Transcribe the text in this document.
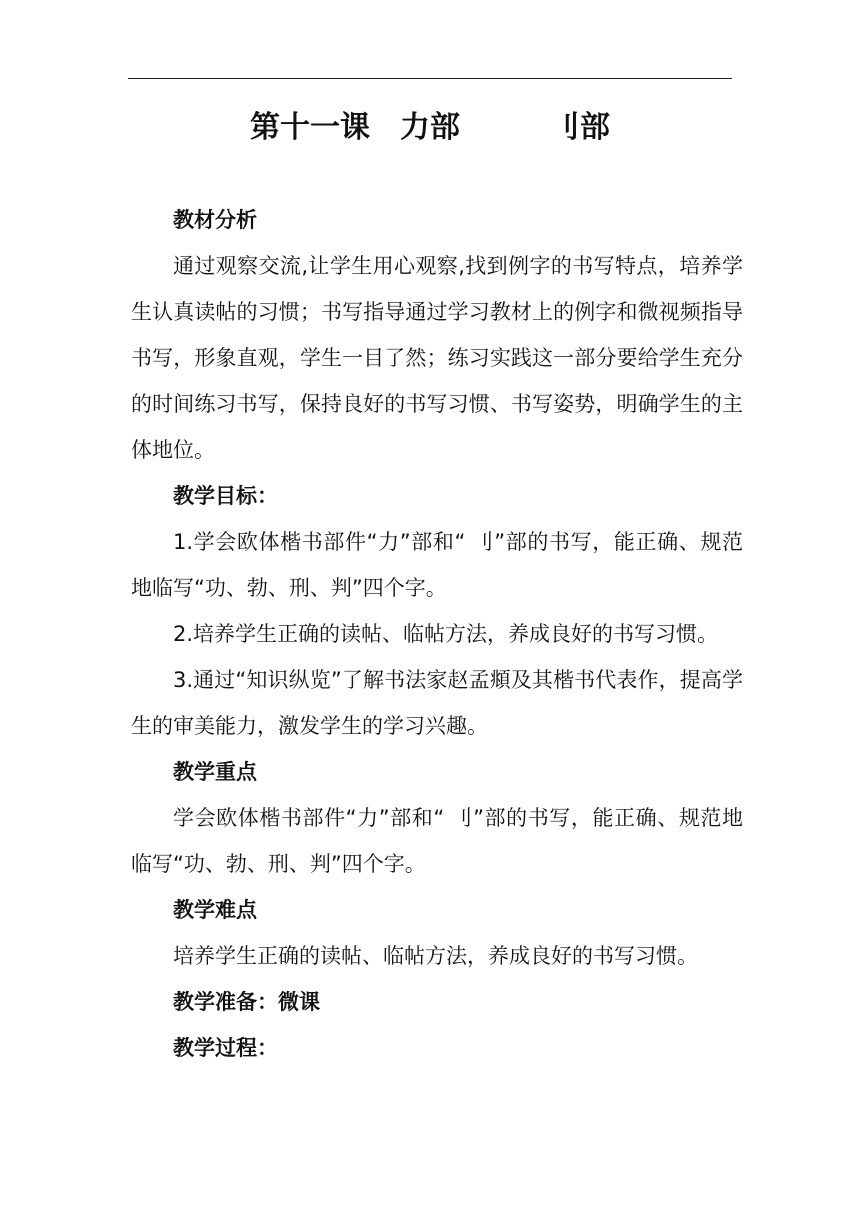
第十一课　力部　　　刂部

教材分析

通过观察交流,让学生用心观察,找到例字的书写特点，培养学生认真读帖的习惯；书写指导通过学习教材上的例字和微视频指导书写，形象直观，学生一目了然；练习实践这一部分要给学生充分的时间练习书写，保持良好的书写习惯、书写姿势，明确学生的主体地位。

教学目标：

1.学会欧体楷书部件“力”部和“ 刂”部的书写，能正确、规范地临写“功、勃、刑、判”四个字。

2.培养学生正确的读帖、临帖方法，养成良好的书写习惯。

3.通过“知识纵览”了解书法家赵孟頫及其楷书代表作，提高学生的审美能力，激发学生的学习兴趣。

教学重点

学会欧体楷书部件“力”部和“ 刂”部的书写，能正确、规范地临写“功、勃、刑、判”四个字。

教学难点

培养学生正确的读帖、临帖方法，养成良好的书写习惯。

教学准备：微课

教学过程：
